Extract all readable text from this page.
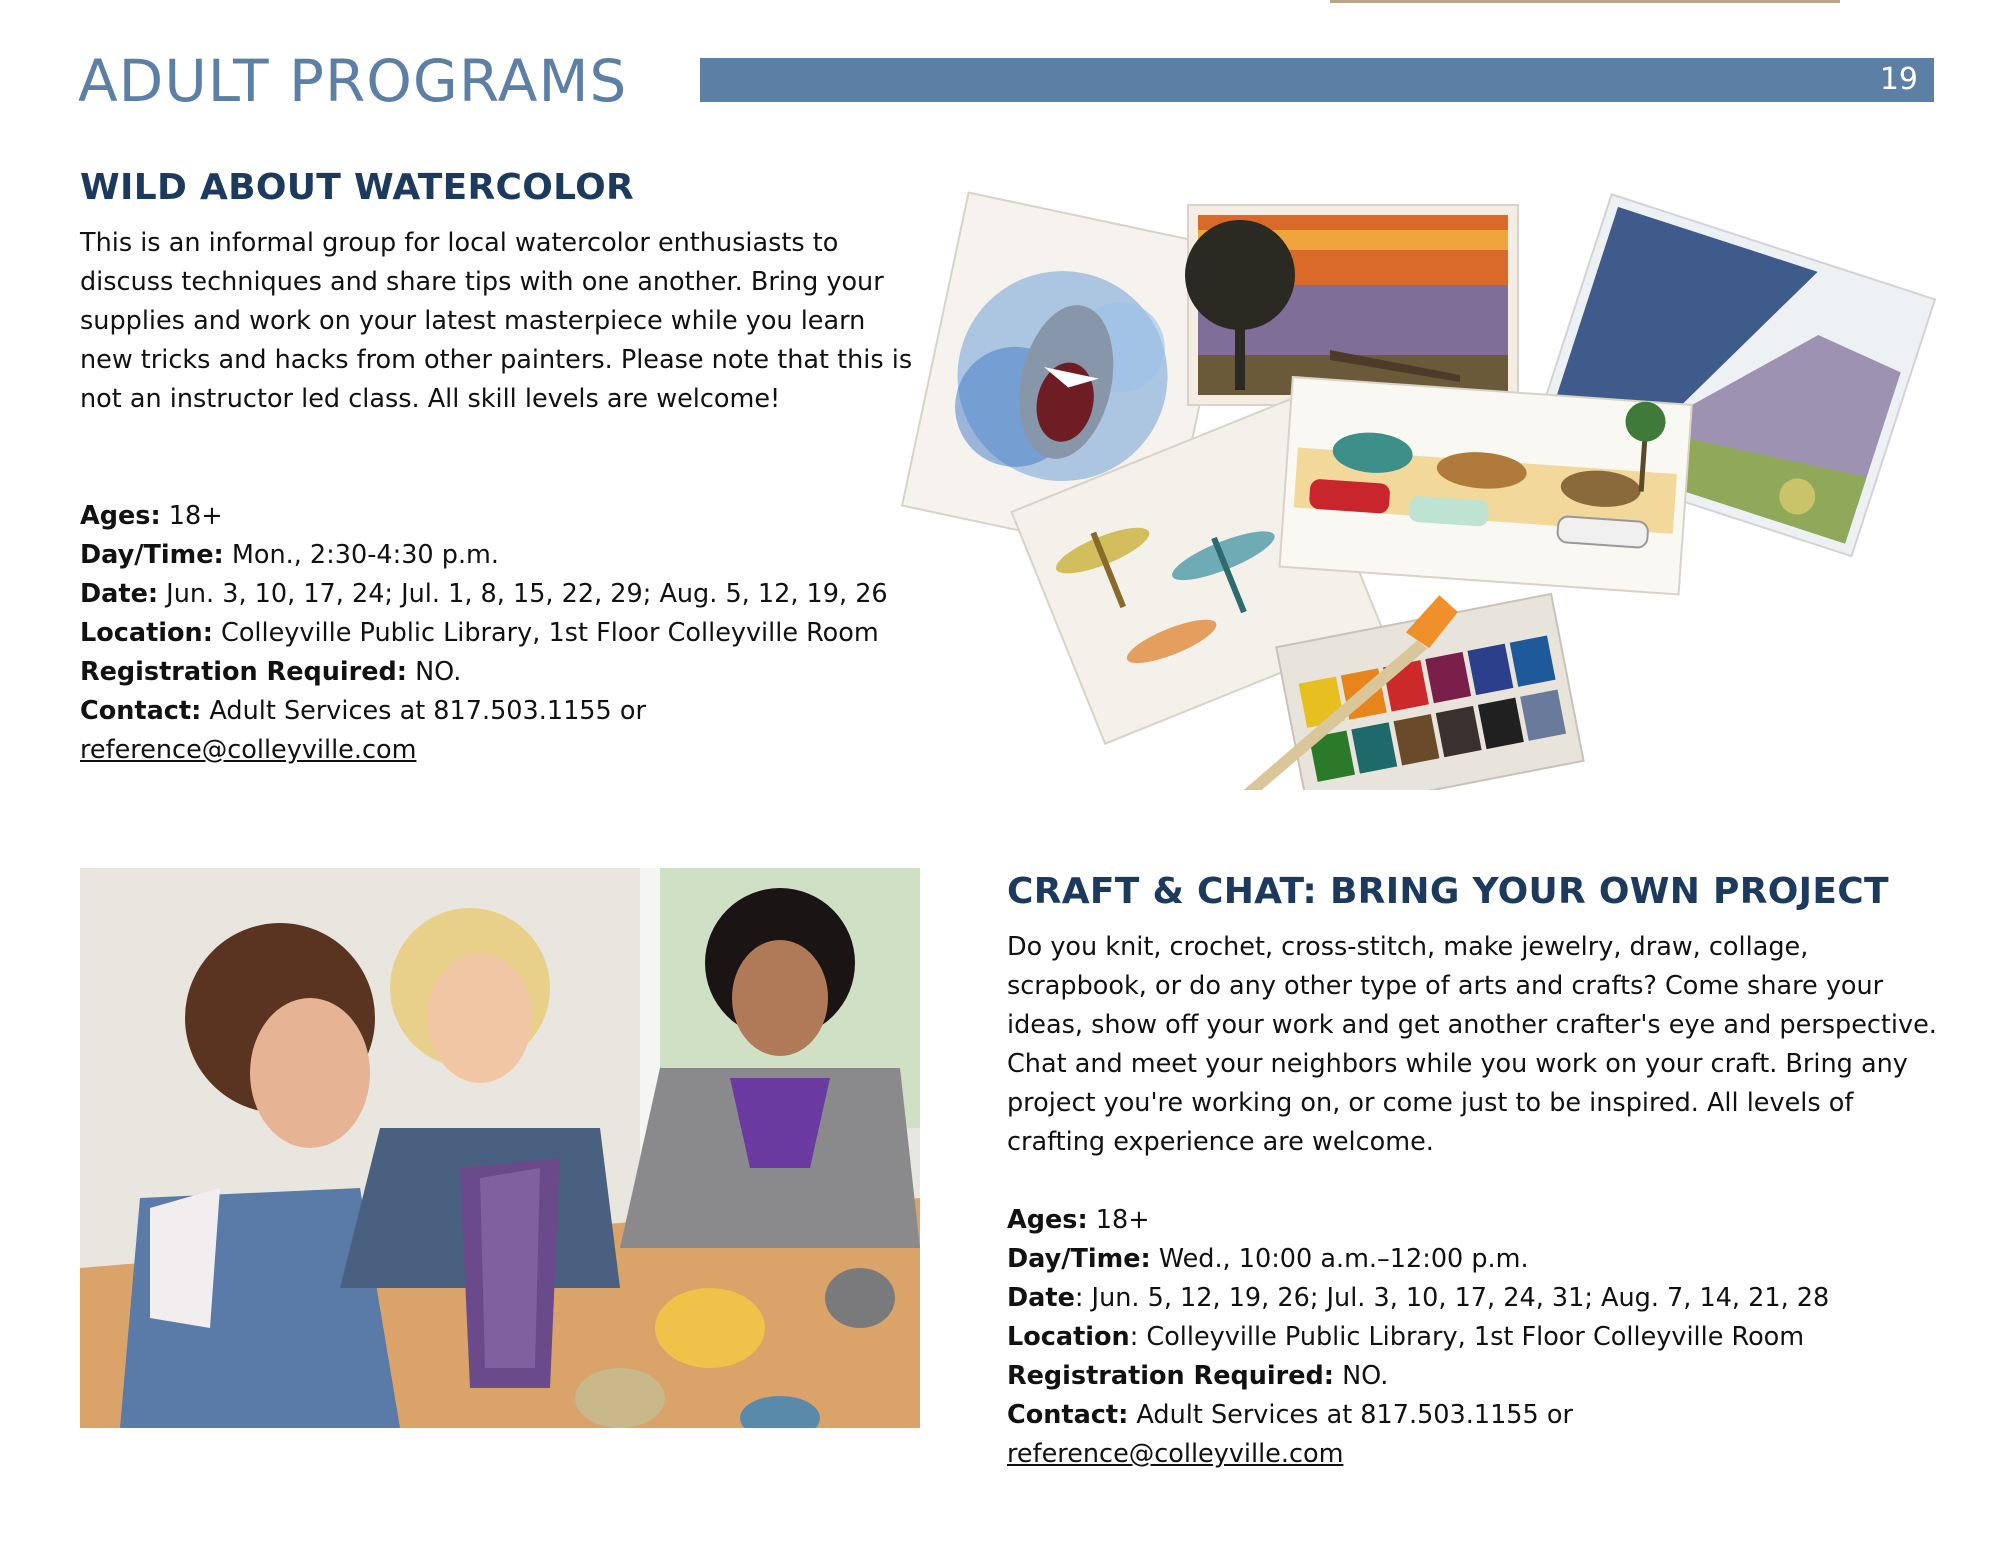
ADULT PROGRAMS	19
WILD ABOUT WATERCOLOR

This is an informal group for local watercolor enthusiasts to discuss techniques and share tips with one another. Bring your supplies and work on your latest masterpiece while you learn new tricks and hacks from other painters. Please note that this is not an instructor led class. All skill levels are welcome!

Ages: 18+

Day/Time: Mon., 2:30-4:30 p.m.

Date: Jun. 3, 10, 17, 24; Jul. 1, 8, 15, 22, 29; Aug. 5, 12, 19, 26

Location: Colleyville Public Library, 1st Floor Colleyville Room

Registration Required: NO.

Contact: Adult Services at 817.503.1155 or

reference@colleyville.com

CRAFT & CHAT: BRING YOUR OWN PROJECT

Do you knit, crochet, cross-stitch, make jewelry, draw, collage, scrapbook, or do any other type of arts and crafts? Come share your ideas, show off your work and get another crafter's eye and perspective. Chat and meet your neighbors while you work on your craft. Bring any project you're working on, or come just to be inspired. All levels of crafting experience are welcome.

Ages: 18+

Day/Time: Wed., 10:00 a.m.–12:00 p.m.

Date: Jun. 5, 12, 19, 26; Jul. 3, 10, 17, 24, 31; Aug. 7, 14, 21, 28

Location: Colleyville Public Library, 1st Floor Colleyville Room

Registration Required: NO.

Contact: Adult Services at 817.503.1155 or

reference@colleyville.com
